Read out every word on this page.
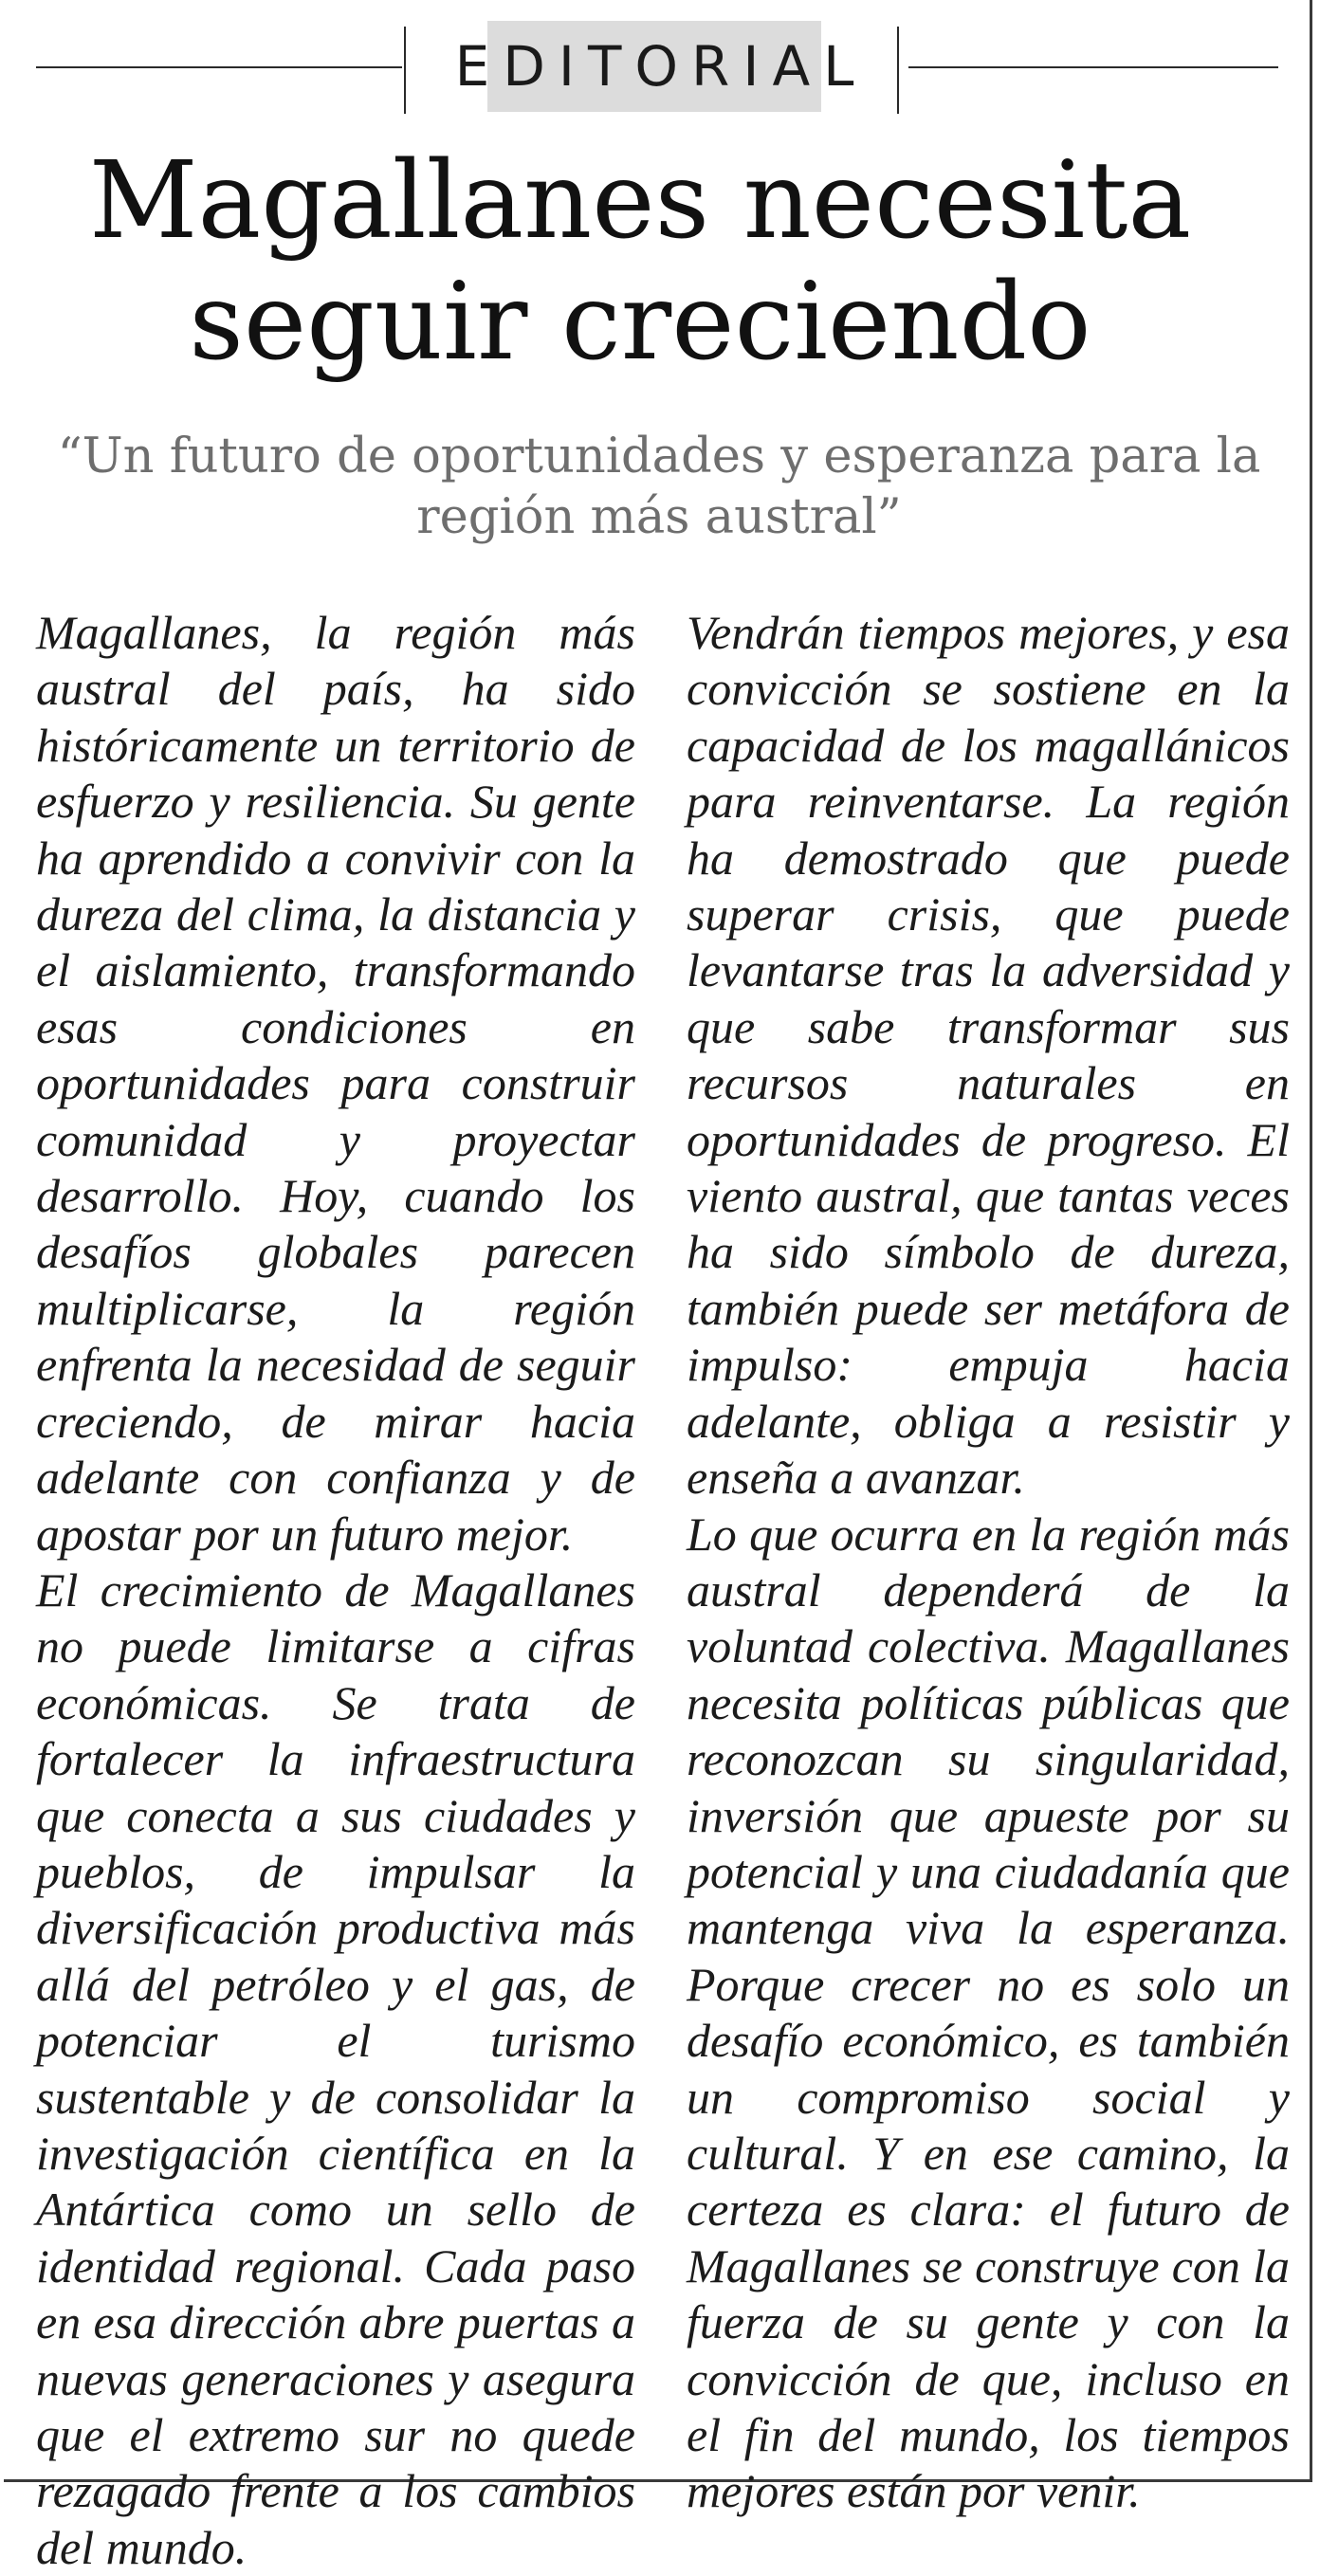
EDITORIAL
Magallanes necesita seguir creciendo

“Un futuro de oportunidades y esperanza para la región más austral”

Magallanes, la región más austral del país, ha sido históricamente un territorio de esfuerzo y resiliencia. Su gente ha aprendido a convivir con la dureza del clima, la distancia y el aislamiento, transformando esas condiciones en oportunidades para construir comunidad y proyectar desarrollo. Hoy, cuando los desafíos globales parecen multiplicarse, la región enfrenta la necesidad de seguir creciendo, de mirar hacia adelante con confianza y de apostar por un futuro mejor.

El crecimiento de Magallanes no puede limitarse a cifras económicas. Se trata de fortalecer la infraestructura que conecta a sus ciudades y pueblos, de impulsar la diversificación productiva más allá del petróleo y el gas, de potenciar el turismo sustentable y de consolidar la investigación científica en la Antártica como un sello de identidad regional. Cada paso en esa dirección abre puertas a nuevas generaciones y asegura que el extremo sur no quede rezagado frente a los cambios del mundo.

Vendrán tiempos mejores, y esa convicción se sostiene en la capacidad de los magallánicos para reinventarse. La región ha demostrado que puede superar crisis, que puede levantarse tras la adversidad y que sabe transformar sus recursos naturales en oportunidades de progreso. El viento austral, que tantas veces ha sido símbolo de dureza, también puede ser metáfora de impulso: empuja hacia adelante, obliga a resistir y enseña a avanzar.

Lo que ocurra en la región más austral dependerá de la voluntad colectiva. Magallanes necesita políticas públicas que reconozcan su singularidad, inversión que apueste por su potencial y una ciudadanía que mantenga viva la esperanza. Porque crecer no es solo un desafío económico, es también un compromiso social y cultural. Y en ese camino, la certeza es clara: el futuro de Magallanes se construye con la fuerza de su gente y con la convicción de que, incluso en el fin del mundo, los tiempos mejores están por venir.
